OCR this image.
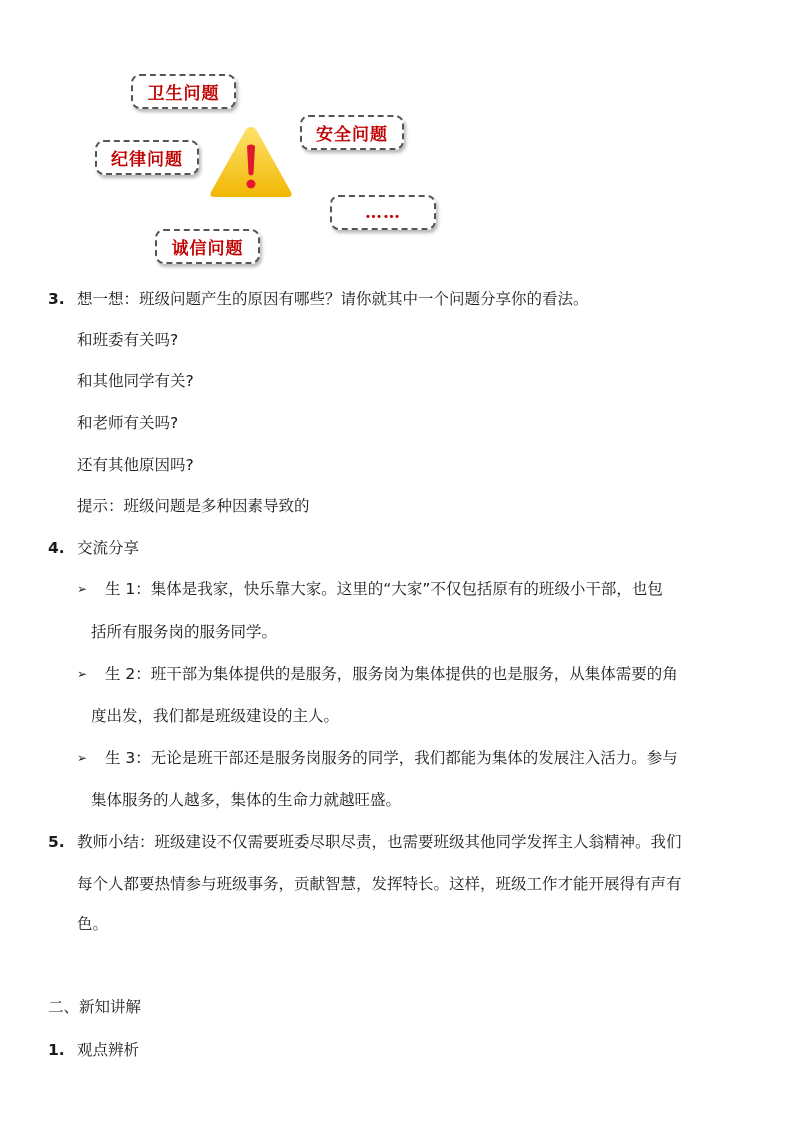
卫生问题
安全问题
纪律问题
……
诚信问题
3. 想一想：班级问题产生的原因有哪些？请你就其中一个问题分享你的看法。
和班委有关吗?
和其他同学有关?
和老师有关吗?
还有其他原因吗?
提示：班级问题是多种因素导致的
4. 交流分享
➢ 生 1：集体是我家，快乐靠大家。这里的“大家”不仅包括原有的班级小干部，也包
括所有服务岗的服务同学。
➢ 生 2：班干部为集体提供的是服务，服务岗为集体提供的也是服务，从集体需要的角
度出发，我们都是班级建设的主人。
➢ 生 3：无论是班干部还是服务岗服务的同学，我们都能为集体的发展注入活力。参与
集体服务的人越多，集体的生命力就越旺盛。
5. 教师小结：班级建设不仅需要班委尽职尽责，也需要班级其他同学发挥主人翁精神。我们
每个人都要热情参与班级事务，贡献智慧，发挥特长。这样，班级工作才能开展得有声有
色。
二、新知讲解
1. 观点辨析
